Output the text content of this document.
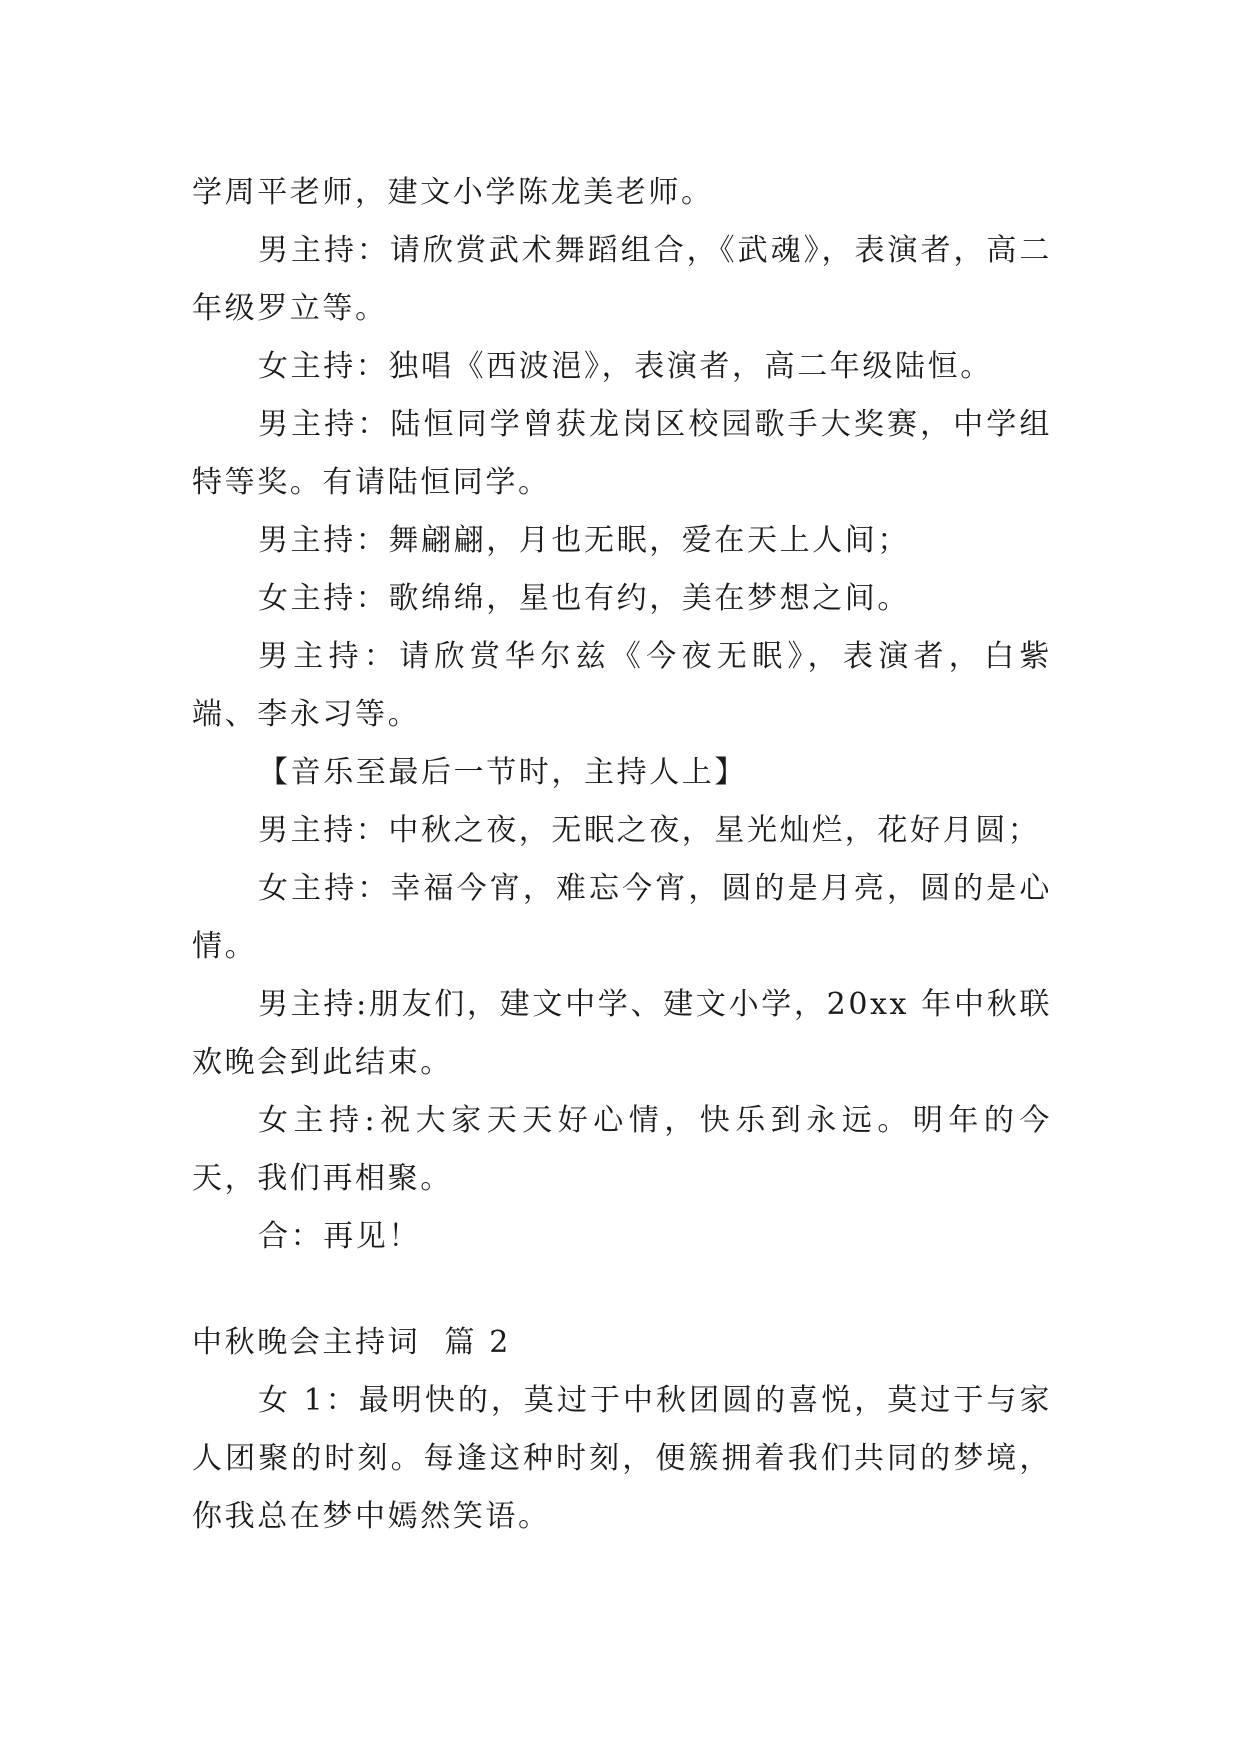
学周平老师，建文小学陈龙美老师。

男主持：请欣赏武术舞蹈组合，《武魂》，表演者，高二年级罗立等。

女主持：独唱《西波浥》，表演者，高二年级陆恒。

男主持：陆恒同学曾获龙岗区校园歌手大奖赛，中学组特等奖。有请陆恒同学。

男主持：舞翩翩，月也无眠，爱在天上人间；

女主持：歌绵绵，星也有约，美在梦想之间。

男主持：请欣赏华尔兹《今夜无眠》，表演者，白紫端、李永习等。

【音乐至最后一节时，主持人上】

男主持：中秋之夜，无眠之夜，星光灿烂，花好月圆；

女主持：幸福今宵，难忘今宵，圆的是月亮，圆的是心情。

男主持:朋友们，建文中学、建文小学，20xx 年中秋联欢晚会到此结束。

女主持:祝大家天天好心情，快乐到永远。明年的今天，我们再相聚。

合：再见！

中秋晚会主持词  篇 2

女 1：最明快的，莫过于中秋团圆的喜悦，莫过于与家人团聚的时刻。每逢这种时刻，便簇拥着我们共同的梦境，你我总在梦中嫣然笑语。
